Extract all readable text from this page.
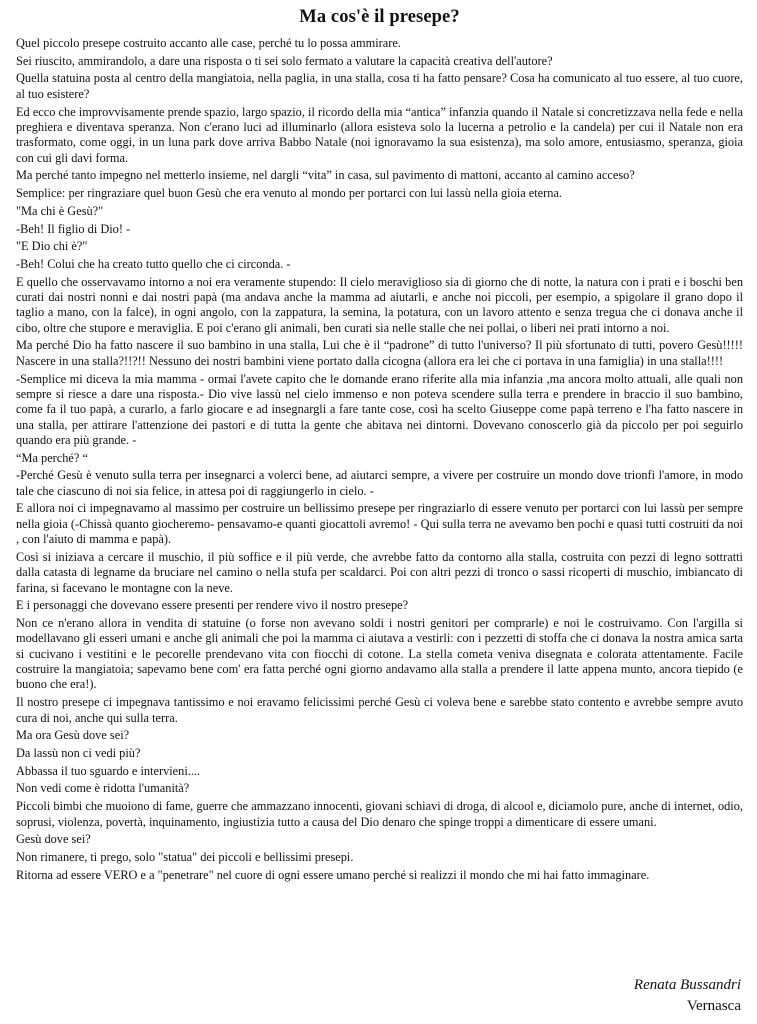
Ma cos'è il presepe?

Quel piccolo presepe costruito accanto alle case, perché tu lo possa ammirare.

Sei riuscito, ammirandolo, a dare una risposta o ti sei solo fermato a valutare la capacità creativa dell'autore?

Quella statuina posta al centro della mangiatoia, nella paglia, in una stalla, cosa ti ha fatto pensare? Cosa ha comunicato al tuo essere, al tuo cuore, al tuo esistere?

Ed ecco che improvvisamente prende spazio, largo spazio, il ricordo della mia “antica” infanzia quando il Natale si concretizzava nella fede e nella preghiera e diventava speranza. Non c'erano luci ad illuminarlo (allora esisteva solo la lucerna a petrolio e la candela) per cui il Natale non era trasformato, come oggi, in un luna park dove arriva Babbo Natale (noi ignoravamo la sua esistenza), ma solo amore, entusiasmo, speranza, gioia con cui gli davi forma.

Ma perché tanto impegno nel metterlo insieme, nel dargli “vita” in casa, sul pavimento di mattoni, accanto al camino acceso?

Semplice: per ringraziare quel buon Gesù che era venuto al mondo per portarci con lui lassù nella gioia eterna.

"Ma chi è Gesù?"

-Beh! Il figlio di Dio! -

"E Dio chi è?"

-Beh! Colui che ha creato tutto quello che ci circonda. -

E quello che osservavamo intorno a noi era veramente stupendo: Il cielo meraviglioso sia di giorno che di notte, la natura con i prati e i boschi ben curati dai nostri nonni e dai nostri papà (ma andava anche la mamma ad aiutarli, e anche noi piccoli, per esempio, a spigolare il grano dopo il taglio a mano, con la falce), in ogni angolo, con la zappatura, la semina, la potatura, con un lavoro attento e senza tregua che ci donava anche il cibo, oltre che stupore e meraviglia. E poi c'erano gli animali, ben curati sia nelle stalle che nei pollai, o liberi nei prati intorno a noi.

Ma perché Dio ha fatto nascere il suo bambino in una stalla, Lui che è il “padrone” di tutto l'universo? Il più sfortunato di tutti, povero Gesù!!!!! Nascere in una stalla?!!?!! Nessuno dei nostri bambini viene portato dalla cicogna (allora era lei che ci portava in una famiglia) in una stalla!!!!

-Semplice mi diceva la mia mamma - ormai l'avete capito che le domande erano riferite alla mia infanzia ,ma ancora molto attuali, alle quali non sempre si riesce a dare una risposta.- Dio vive lassù nel cielo immenso e non poteva scendere sulla terra e prendere in braccio il suo bambino, come fa il tuo papà, a curarlo, a farlo giocare e ad insegnargli a fare tante cose, così ha scelto Giuseppe come papà terreno e l'ha fatto nascere in una stalla, per attirare l'attenzione dei pastori e di tutta la gente che abitava nei dintorni. Dovevano conoscerlo già da piccolo per poi seguirlo quando era più grande. -

“Ma perché? “

-Perché Gesù è venuto sulla terra per insegnarci a volerci bene, ad aiutarci sempre, a vivere per costruire un mondo dove trionfi l'amore, in modo tale che ciascuno di noi sia felice, in attesa poi di raggiungerlo in cielo. -

E allora noi ci impegnavamo al massimo per costruire un bellissimo presepe per ringraziarlo di essere venuto per portarci con lui lassù per sempre nella gioia (-Chissà quanto giocheremo- pensavamo-e quanti giocattoli avremo! - Qui sulla terra ne avevamo ben pochi e quasi tutti costruiti da noi , con l'aiuto di mamma e papà).

Così si iniziava a cercare il muschio, il più soffice e il più verde, che avrebbe fatto da contorno alla stalla, costruita con pezzi di legno sottratti dalla catasta di legname da bruciare nel camino o nella stufa per scaldarci. Poi con altri pezzi di tronco o sassi ricoperti di muschio, imbiancato di farina, si facevano le montagne con la neve.

E i personaggi che dovevano essere presenti per rendere vivo il nostro presepe?

Non ce n'erano allora in vendita di statuine (o forse non avevano soldi i nostri genitori per comprarle) e noi le costruivamo. Con l'argilla si modellavano gli esseri umani e anche gli animali che poi la mamma ci aiutava a vestirli: con i pezzetti di stoffa che ci donava la nostra amica sarta si cucivano i vestitini e le pecorelle prendevano vita con fiocchi di cotone. La stella cometa veniva disegnata e colorata attentamente. Facile costruire la mangiatoia; sapevamo bene com' era fatta perché ogni giorno andavamo alla stalla a prendere il latte appena munto, ancora tiepido (e buono che era!).

Il nostro presepe ci impegnava tantissimo e noi eravamo felicissimi perché Gesù ci voleva bene e sarebbe stato contento e avrebbe sempre avuto cura di noi, anche qui sulla terra.

Ma ora Gesù dove sei?

Da lassù non ci vedi più?

Abbassa il tuo sguardo e intervieni....

Non vedi come è ridotta l'umanità?

Piccoli bimbi che muoiono di fame, guerre che ammazzano innocenti, giovani schiavi di droga, di alcool e, diciamolo pure, anche di internet, odio, soprusi, violenza, povertà, inquinamento, ingiustizia tutto a causa del Dio denaro che spinge troppi a dimenticare di essere umani.

Gesù dove sei?

Non rimanere, ti prego, solo "statua" dei piccoli e bellissimi presepi.

Ritorna ad essere VERO e a "penetrare" nel cuore di ogni essere umano perché si realizzi il mondo che mi hai fatto immaginare.

Renata Bussandri
Vernasca
